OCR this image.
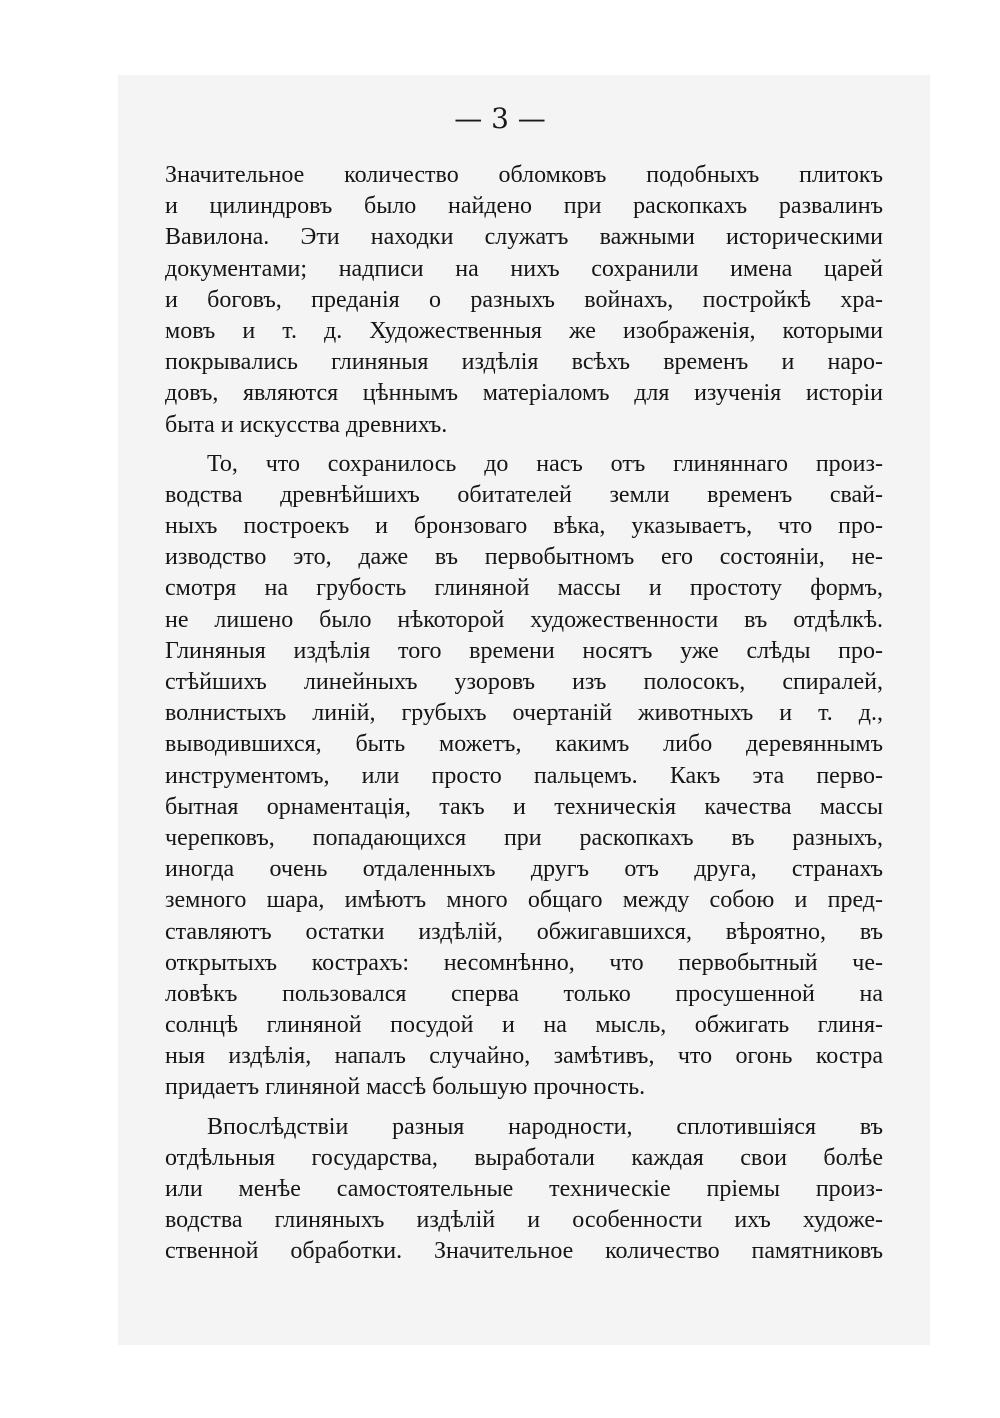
— 3 —
Значительное количество обломковъ подобныхъ плитокъ
и цилиндровъ было найдено при раскопкахъ развалинъ
Вавилона. Эти находки служатъ важными историческими
документами; надписи на нихъ сохранили имена царей
и боговъ, преданія о разныхъ войнахъ, постройкѣ хра-
мовъ и т. д. Художественныя же изображенія, которыми
покрывались глиняныя издѣлія всѣхъ временъ и наро-
довъ, являются цѣннымъ матеріаломъ для изученія исторіи
быта и искусства древнихъ.
То, что сохранилось до насъ отъ глиняннаго произ-
водства древнѣйшихъ обитателей земли временъ свай-
ныхъ построекъ и бронзоваго вѣка, указываетъ, что про-
изводство это, даже въ первобытномъ его состояніи, не-
смотря на грубость глиняной массы и простоту формъ,
не лишено было нѣкоторой художественности въ отдѣлкѣ.
Глиняныя издѣлія того времени носятъ уже слѣды про-
стѣйшихъ линейныхъ узоровъ изъ полосокъ, спиралей,
волнистыхъ линій, грубыхъ очертаній животныхъ и т. д.,
выводившихся, быть можетъ, какимъ либо деревяннымъ
инструментомъ, или просто пальцемъ. Какъ эта перво-
бытная орнаментація, такъ и техническія качества массы
черепковъ, попадающихся при раскопкахъ въ разныхъ,
иногда очень отдаленныхъ другъ отъ друга, странахъ
земного шара, имѣютъ много общаго между собою и пред-
ставляютъ остатки издѣлій, обжигавшихся, вѣроятно, въ
открытыхъ кострахъ: несомнѣнно, что первобытный че-
ловѣкъ пользовался сперва только просушенной на
солнцѣ глиняной посудой и на мысль, обжигать глиня-
ныя издѣлія, напалъ случайно, замѣтивъ, что огонь костра
придаетъ глиняной массѣ большую прочность.
Впослѣдствіи разныя народности, сплотившіяся въ
отдѣльныя государства, выработали каждая свои болѣе
или менѣе самостоятельные техническіе пріемы произ-
водства глиняныхъ издѣлій и особенности ихъ художе-
ственной обработки. Значительное количество памятниковъ
